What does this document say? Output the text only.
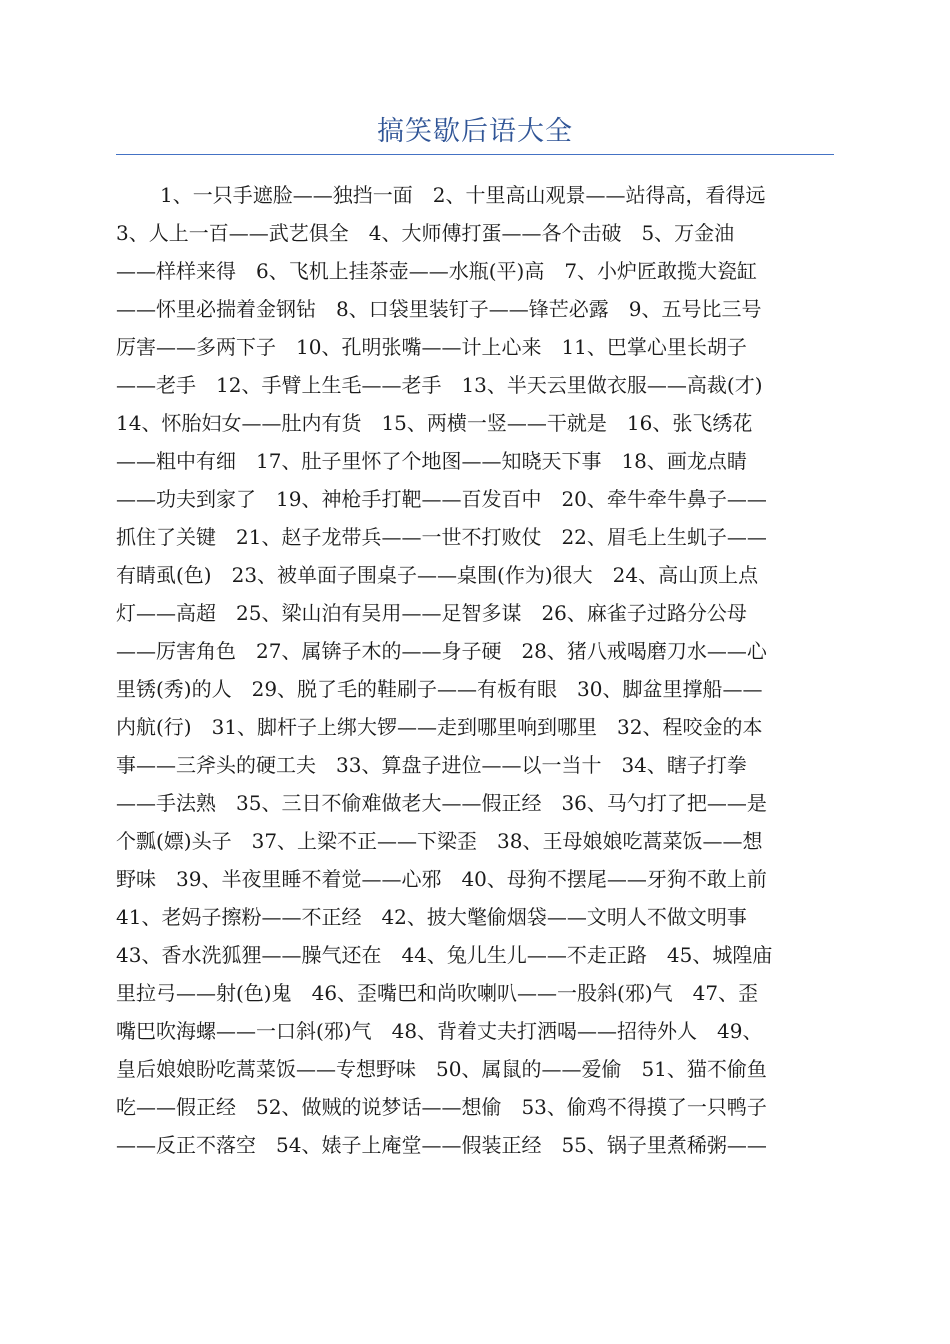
搞笑歇后语大全
1、一只手遮脸——独挡一面　2、十里高山观景——站得高，看得远
3、人上一百——武艺俱全　4、大师傅打蛋——各个击破　5、万金油
——样样来得　6、飞机上挂茶壶——水瓶(平)高　7、小炉匠敢揽大瓷缸
——怀里必揣着金钢钻　8、口袋里装钉子——锋芒必露　9、五号比三号
厉害——多两下子　10、孔明张嘴——计上心来　11、巴掌心里长胡子
——老手　12、手臂上生毛——老手　13、半天云里做衣服——高裁(才)
14、怀胎妇女——肚内有货　15、两横一竖——干就是　16、张飞绣花
——粗中有细　17、肚子里怀了个地图——知晓天下事　18、画龙点睛
——功夫到家了　19、神枪手打靶——百发百中　20、牵牛牵牛鼻子——
抓住了关键　21、赵子龙带兵——一世不打败仗　22、眉毛上生虮子——
有睛虱(色)　23、被单面子围桌子——桌围(作为)很大　24、高山顶上点
灯——高超　25、梁山泊有吴用——足智多谋　26、麻雀子过路分公母
——厉害角色　27、属锛子木的——身子硬　28、猪八戒喝磨刀水——心
里锈(秀)的人　29、脱了毛的鞋刷子——有板有眼　30、脚盆里撑船——
内航(行)　31、脚杆子上绑大锣——走到哪里响到哪里　32、程咬金的本
事——三斧头的硬工夫　33、算盘子进位——以一当十　34、瞎子打拳
——手法熟　35、三日不偷难做老大——假正经　36、马勺打了把——是
个瓢(嫖)头子　37、上梁不正——下梁歪　38、王母娘娘吃蒿菜饭——想
野味　39、半夜里睡不着觉——心邪　40、母狗不摆尾——牙狗不敢上前
41、老妈子擦粉——不正经　42、披大氅偷烟袋——文明人不做文明事
43、香水洗狐狸——臊气还在　44、兔儿生儿——不走正路　45、城隍庙
里拉弓——射(色)鬼　46、歪嘴巴和尚吹喇叭——一股斜(邪)气　47、歪
嘴巴吹海螺——一口斜(邪)气　48、背着丈夫打洒喝——招待外人　49、
皇后娘娘盼吃蒿菜饭——专想野味　50、属鼠的——爱偷　51、猫不偷鱼
吃——假正经　52、做贼的说梦话——想偷　53、偷鸡不得摸了一只鸭子
——反正不落空　54、婊子上庵堂——假装正经　55、锅子里煮稀粥——
